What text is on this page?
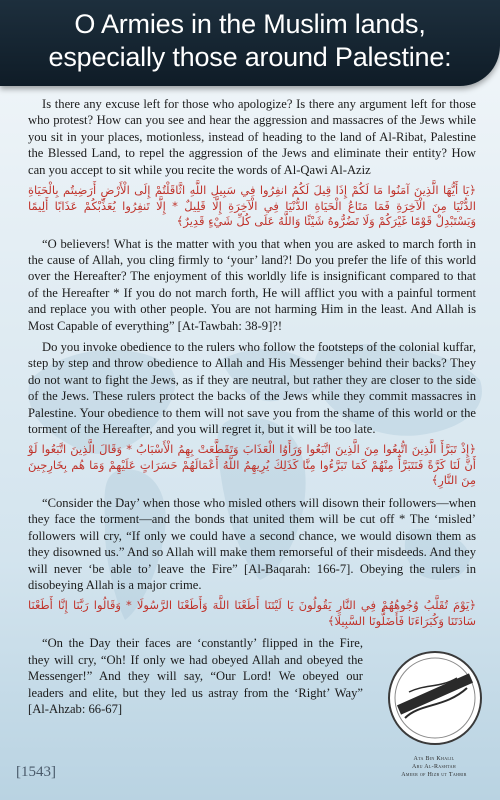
O Armies in the Muslim lands, especially those around Palestine:

Is there any excuse left for those who apologize? Is there any argument left for those who protest? How can you see and hear the aggression and massacres of the Jews while you sit in your places, motionless, instead of heading to the land of Al-Ribat, Palestine the Blessed Land, to repel the aggression of the Jews and eliminate their entity? How can you accept to sit while you recite the words of Al-Qawi Al-Aziz

﴿يَا أَيُّهَا الَّذِينَ آمَنُوا مَا لَكُمْ إِذَا قِيلَ لَكُمُ انفِرُوا فِي سَبِيلِ اللَّهِ اثَّاقَلْتُمْ إِلَى الْأَرْضِ أَرَضِيتُم بِالْحَيَاةِ الدُّنْيَا مِنَ الْآخِرَةِ فَمَا مَتَاعُ الْحَيَاةِ الدُّنْيَا فِي الْآخِرَةِ إِلَّا قَلِيلٌ * إِلَّا تَنفِرُوا يُعَذِّبْكُمْ عَذَابًا أَلِيمًا وَيَسْتَبْدِلْ قَوْمًا غَيْرَكُمْ وَلَا تَضُرُّوهُ شَيْئًا وَاللَّهُ عَلَى كُلِّ شَيْءٍ قَدِيرٌ﴾

“O believers! What is the matter with you that when you are asked to march forth in the cause of Allah, you cling firmly to ‘your’ land?! Do you prefer the life of this world over the Hereafter? The enjoyment of this worldly life is insignificant compared to that of the Hereafter * If you do not march forth, He will afflict you with a painful torment and replace you with other people. You are not harming Him in the least. And Allah is Most Capable of everything” [At-Tawbah: 38-9]?!

Do you invoke obedience to the rulers who follow the footsteps of the colonial kuffar, step by step and throw obedience to Allah and His Messenger behind their backs? They do not want to fight the Jews, as if they are neutral, but rather they are closer to the side of the Jews. These rulers protect the backs of the Jews while they commit massacres in Palestine. Your obedience to them will not save you from the shame of this world or the torment of the Hereafter, and you will regret it, but it will be too late.

﴿إِذْ تَبَرَّأَ الَّذِينَ اتُّبِعُوا مِنَ الَّذِينَ اتَّبَعُوا وَرَأَوُا الْعَذَابَ وَتَقَطَّعَتْ بِهِمُ الْأَسْبَابُ * وَقَالَ الَّذِينَ اتَّبَعُوا لَوْ أَنَّ لَنَا كَرَّةً فَنَتَبَرَّأَ مِنْهُمْ كَمَا تَبَرَّءُوا مِنَّا كَذَلِكَ يُرِيهِمُ اللَّهُ أَعْمَالَهُمْ حَسَرَاتٍ عَلَيْهِمْ وَمَا هُم بِخَارِجِينَ مِنَ النَّارِ﴾

“Consider the Day’ when those who misled others will disown their followers—when they face the torment—and the bonds that united them will be cut off * The ‘misled’ followers will cry, “If only we could have a second chance, we would disown them as they disowned us.” And so Allah will make them remorseful of their misdeeds. And they will never ‘be able to’ leave the Fire” [Al-Baqarah: 166-7]. Obeying the rulers in disobeying Allah is a major crime.

﴿يَوْمَ تُقَلَّبُ وُجُوهُهُمْ فِي النَّارِ يَقُولُونَ يَا لَيْتَنَا أَطَعْنَا اللَّهَ وَأَطَعْنَا الرَّسُولَا * وَقَالُوا رَبَّنَا إِنَّا أَطَعْنَا سَادَتَنَا وَكُبَرَاءَنَا فَأَضَلُّونَا السَّبِيلَا﴾

“On the Day their faces are ‘constantly’ flipped in the Fire, they will cry, “Oh! If only we had obeyed Allah and obeyed the Messenger!” And they will say, “Our Lord! We obeyed our leaders and elite, but they led us astray from the ‘Right’ Way” [Al-Ahzab: 66-67]

Ata Bin Khalil
Abu Al-Rashtah
Ameer of Hizb ut Tahrir
[1543]
